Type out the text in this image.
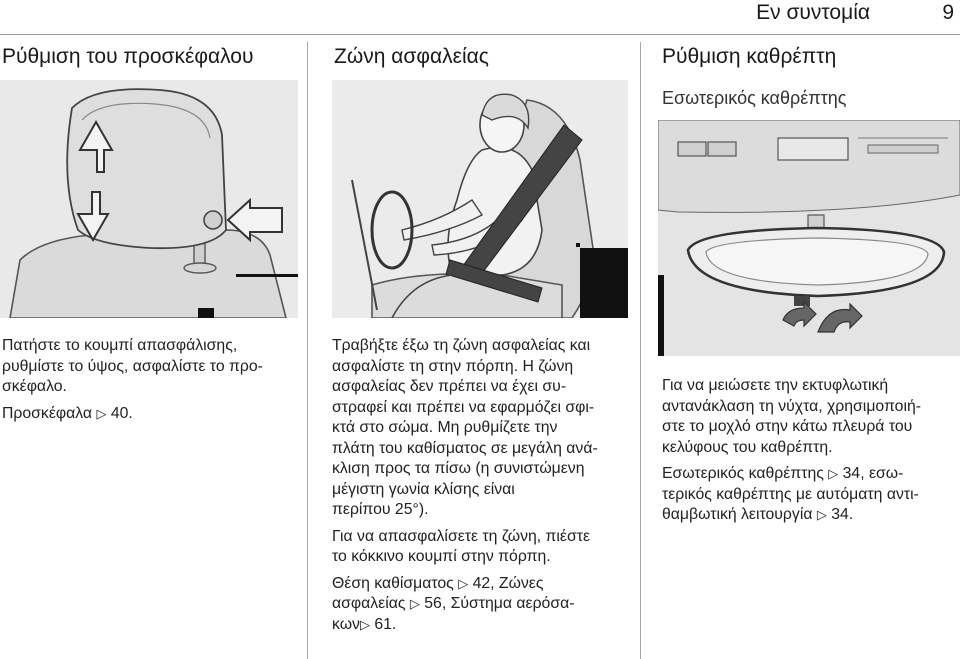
Εν συντομία	9
Ρύθμιση του προσκέφαλου

Πατήστε το κουμπί απασφάλισης,
ρυθμίστε το ύψος, ασφαλίστε το προ-
σκέφαλο.

Προσκέφαλα ▷ 40.

Ζώνη ασφαλείας

Τραβήξτε έξω τη ζώνη ασφαλείας και
ασφαλίστε τη στην πόρπη. Η ζώνη
ασφαλείας δεν πρέπει να έχει συ-
στραφεί και πρέπει να εφαρμόζει σφι-
κτά στο σώμα. Μη ρυθμίζετε την
πλάτη του καθίσματος σε μεγάλη ανά-
κλιση προς τα πίσω (η συνιστώμενη
μέγιστη γωνία κλίσης είναι
περίπου 25°).

Για να απασφαλίσετε τη ζώνη, πιέστε
το κόκκινο κουμπί στην πόρπη.

Θέση καθίσματος ▷ 42, Ζώνες
ασφαλείας ▷ 56, Σύστημα αερόσα-
κων▷ 61.

Ρύθμιση καθρέπτη
Εσωτερικός καθρέπτης

Για να μειώσετε την εκτυφλωτική
αντανάκλαση τη νύχτα, χρησιμοποιή-
στε το μοχλό στην κάτω πλευρά του
κελύφους του καθρέπτη.

Εσωτερικός καθρέπτης ▷ 34, εσω-
τερικός καθρέπτης με αυτόματη αντι-
θαμβωτική λειτουργία ▷ 34.
